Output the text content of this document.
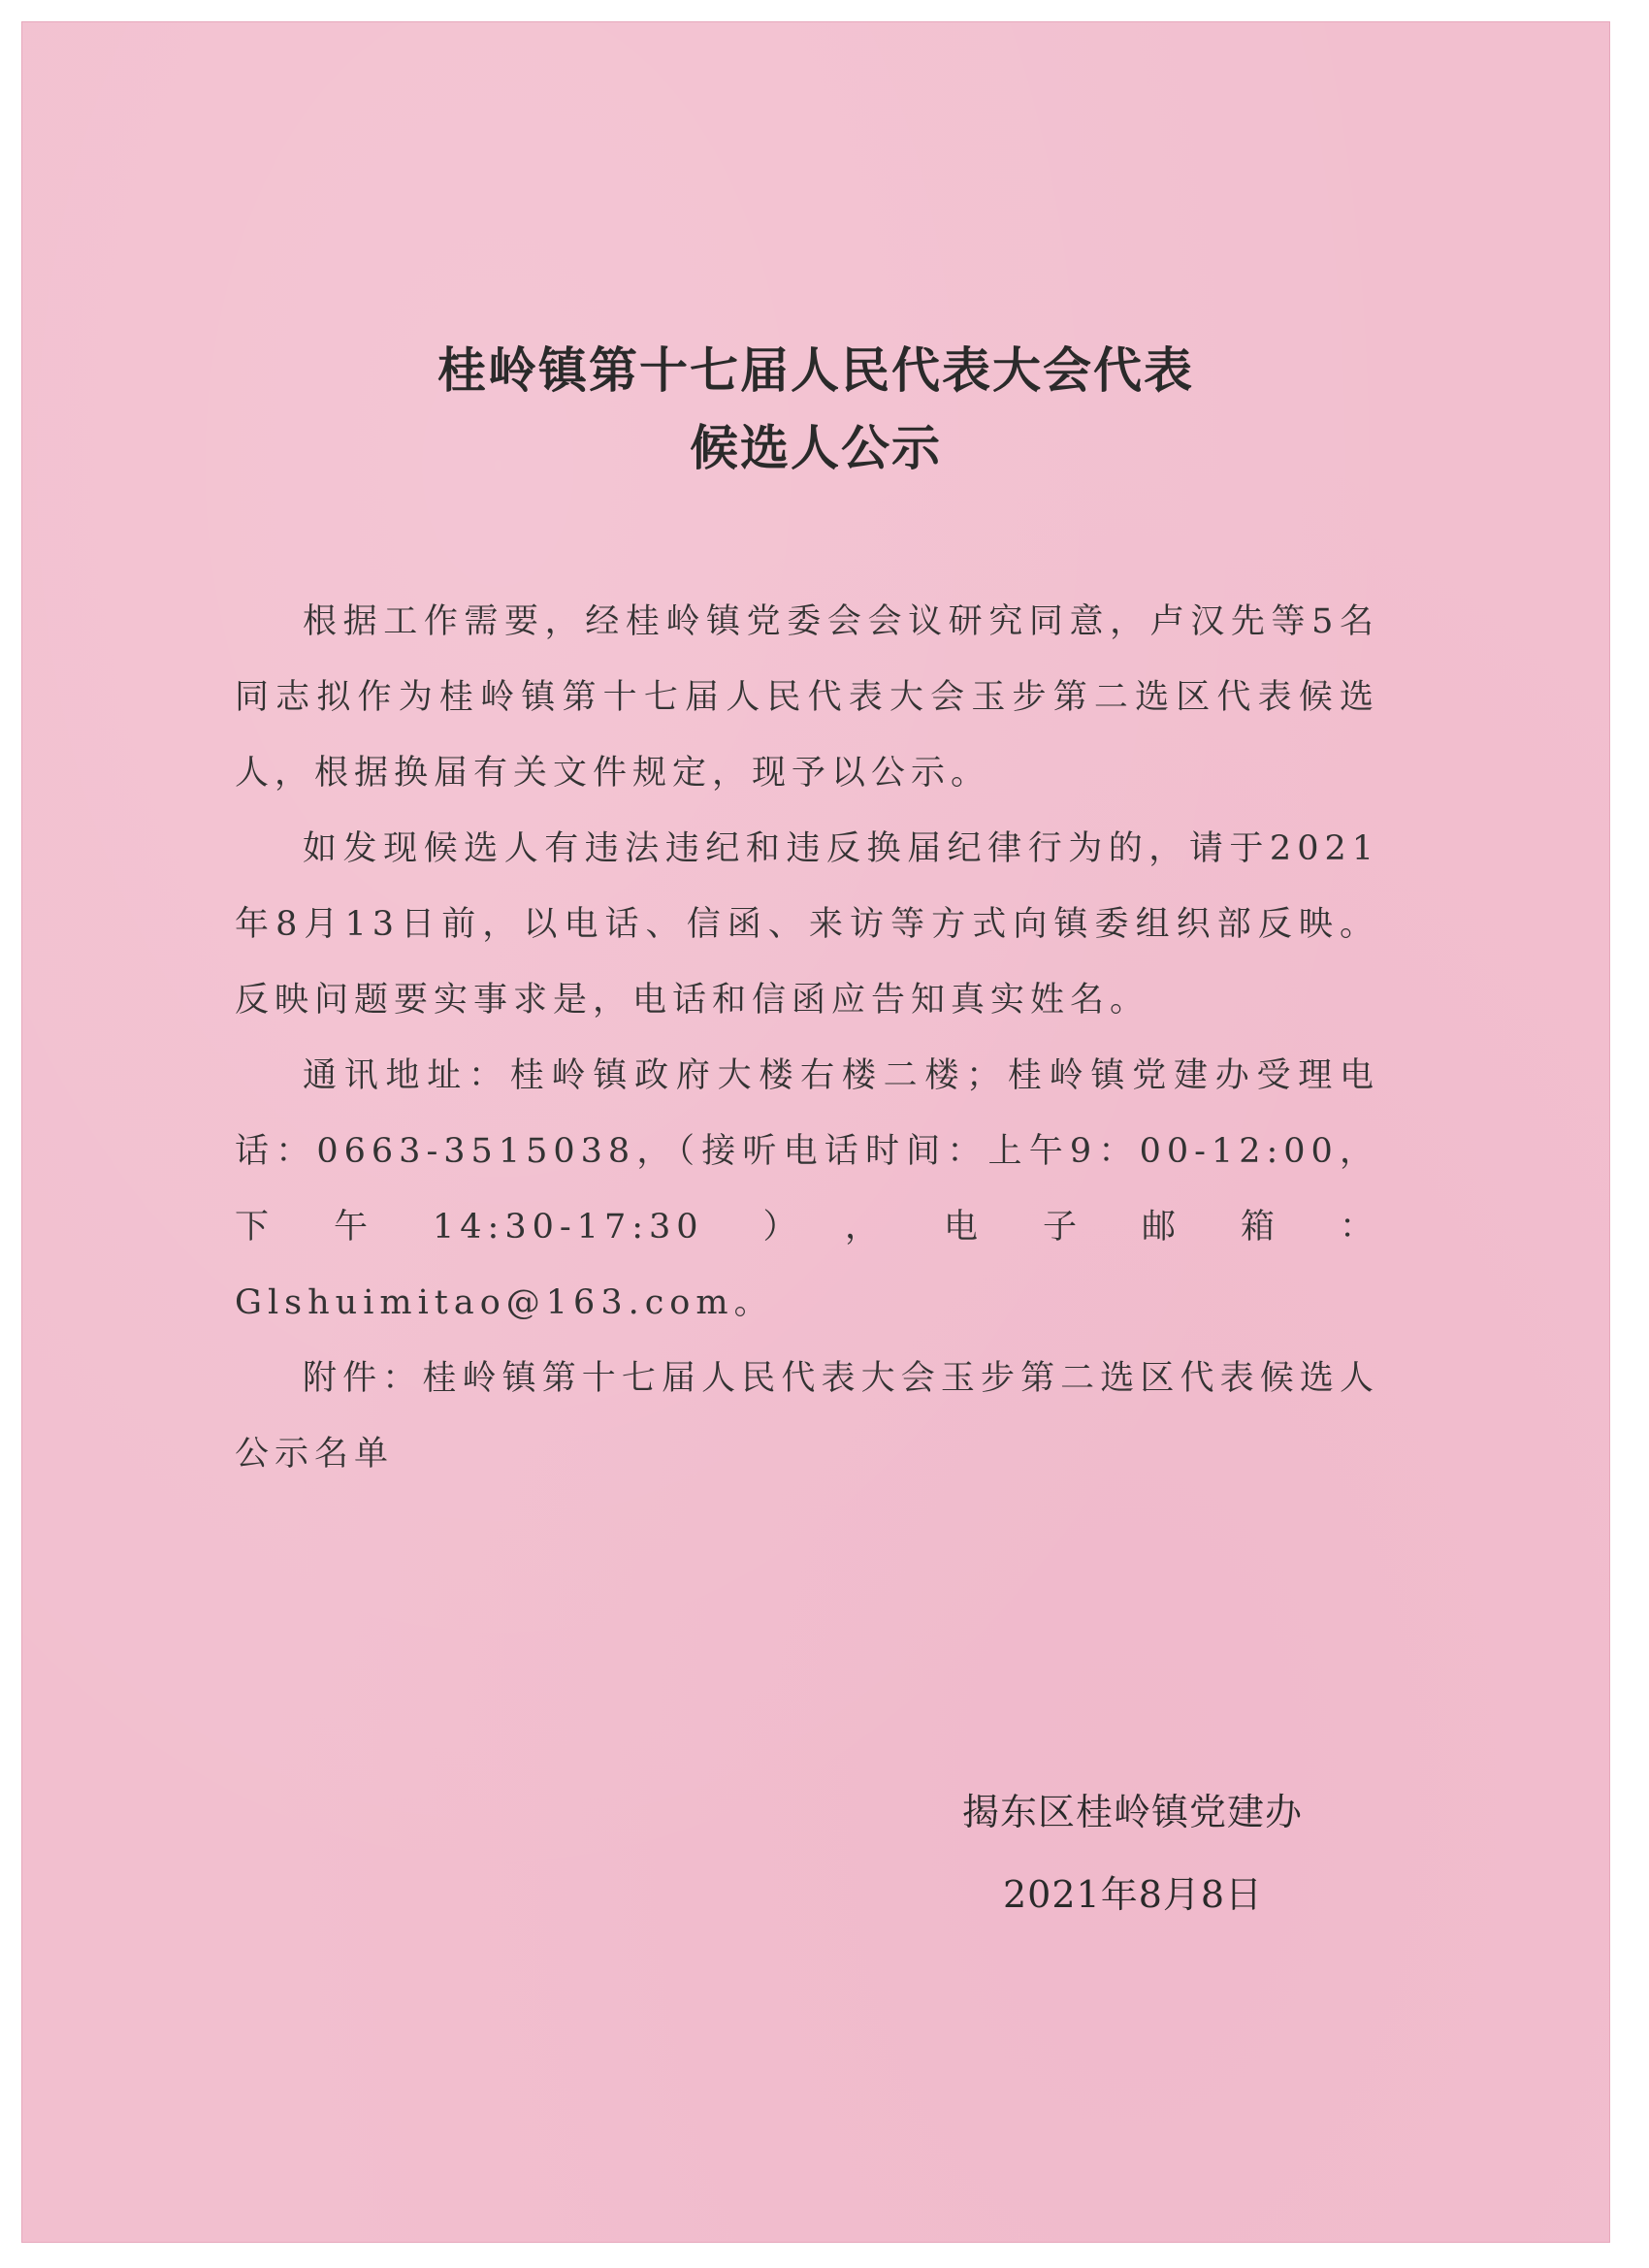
桂岭镇第十七届人民代表大会代表
候选人公示

根据工作需要，经桂岭镇党委会会议研究同意，卢汉先等5名同志拟作为桂岭镇第十七届人民代表大会玉步第二选区代表候选人，根据换届有关文件规定，现予以公示。

如发现候选人有违法违纪和违反换届纪律行为的，请于2021年8月13日前，以电话、信函、来访等方式向镇委组织部反映。反映问题要实事求是，电话和信函应告知真实姓名。

通讯地址：桂岭镇政府大楼右楼二楼；桂岭镇党建办受理电话：0663-3515038，（接听电话时间：上午9：00-12:00，下午14:30-17:30），电子邮箱：Glshuimitao@163.com。

附件：桂岭镇第十七届人民代表大会玉步第二选区代表候选人公示名单

揭东区桂岭镇党建办
2021年8月8日
